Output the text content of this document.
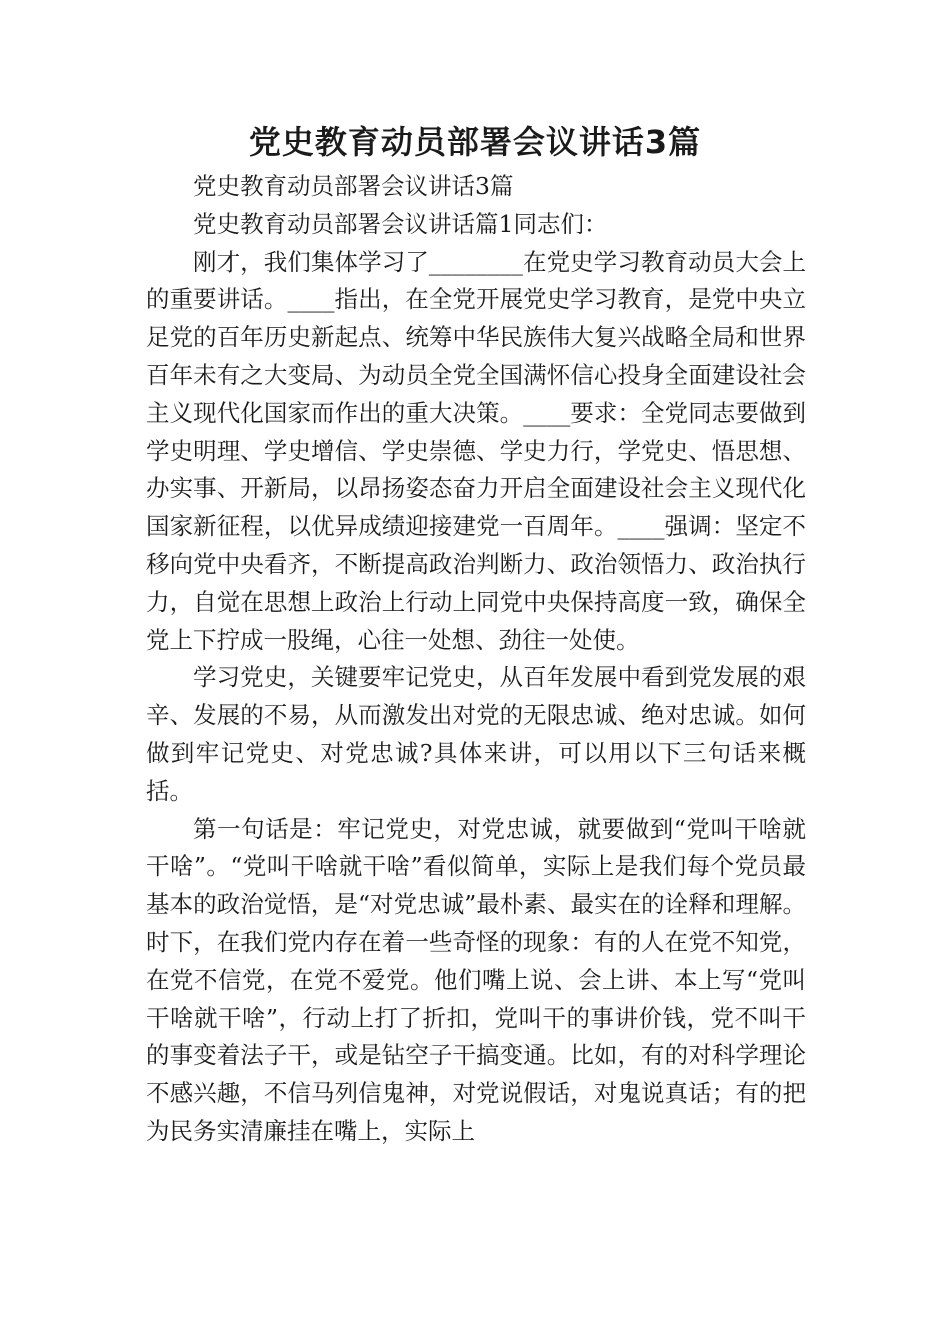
党史教育动员部署会议讲话3篇

党史教育动员部署会议讲话3篇

党史教育动员部署会议讲话篇1同志们：

刚才，我们集体学习了________在党史学习教育动员大会上的重要讲话。____指出，在全党开展党史学习教育，是党中央立足党的百年历史新起点、统筹中华民族伟大复兴战略全局和世界百年未有之大变局、为动员全党全国满怀信心投身全面建设社会主义现代化国家而作出的重大决策。____要求：全党同志要做到学史明理、学史增信、学史崇德、学史力行，学党史、悟思想、办实事、开新局，以昂扬姿态奋力开启全面建设社会主义现代化国家新征程，以优异成绩迎接建党一百周年。____强调：坚定不移向党中央看齐，不断提高政治判断力、政治领悟力、政治执行力，自觉在思想上政治上行动上同党中央保持高度一致，确保全党上下拧成一股绳，心往一处想、劲往一处使。

学习党史，关键要牢记党史，从百年发展中看到党发展的艰辛、发展的不易，从而激发出对党的无限忠诚、绝对忠诚。如何做到牢记党史、对党忠诚?具体来讲，可以用以下三句话来概括。

第一句话是：牢记党史，对党忠诚，就要做到“党叫干啥就干啥”。“党叫干啥就干啥”看似简单，实际上是我们每个党员最基本的政治觉悟，是“对党忠诚”最朴素、最实在的诠释和理解。时下，在我们党内存在着一些奇怪的现象：有的人在党不知党，在党不信党，在党不爱党。他们嘴上说、会上讲、本上写“党叫干啥就干啥”，行动上打了折扣，党叫干的事讲价钱，党不叫干的事变着法子干，或是钻空子干搞变通。比如，有的对科学理论不感兴趣，不信马列信鬼神，对党说假话，对鬼说真话；有的把为民务实清廉挂在嘴上，实际上
